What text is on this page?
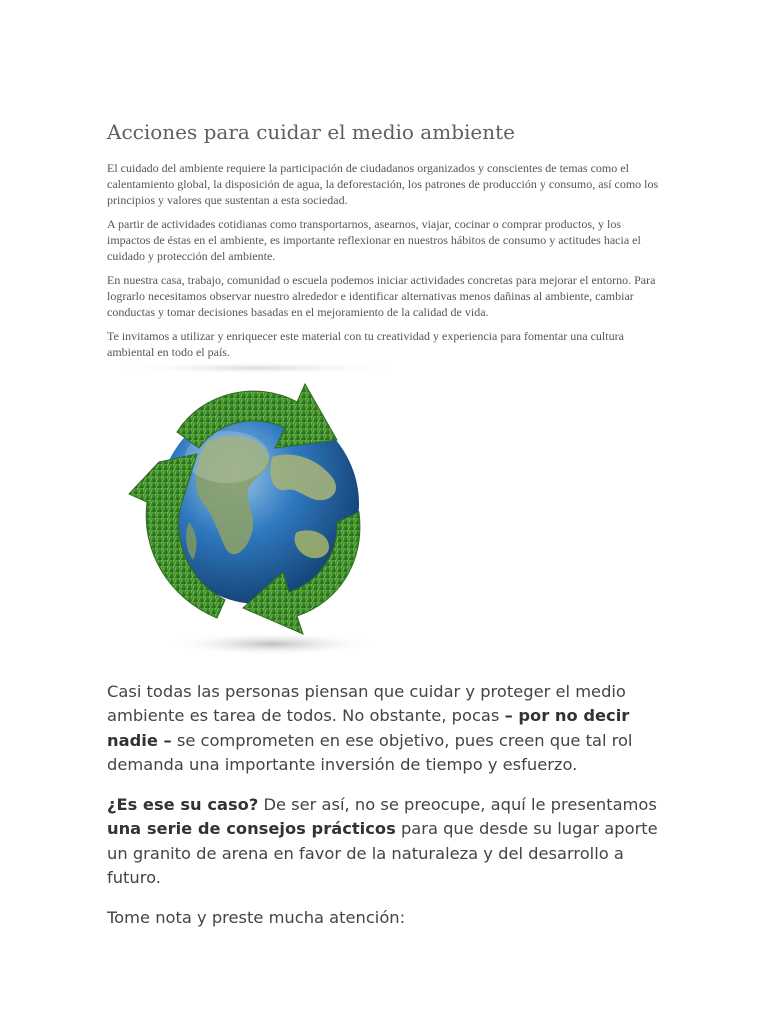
Acciones para cuidar el medio ambiente

El cuidado del ambiente requiere la participación de ciudadanos organizados y conscientes de temas como el calentamiento global, la disposición de agua, la deforestación, los patrones de producción y consumo, así como los principios y valores que sustentan a esta sociedad.

A partir de actividades cotidianas como transportarnos, asearnos, viajar, cocinar o comprar productos, y los impactos de éstas en el ambiente, es importante reflexionar en nuestros hábitos de consumo y actitudes hacia el cuidado y protección del ambiente.

En nuestra casa, trabajo, comunidad o escuela podemos iniciar actividades concretas para mejorar el entorno. Para lograrlo necesitamos observar nuestro alrededor e identificar alternativas menos dañinas al ambiente, cambiar conductas y tomar decisiones basadas en el mejoramiento de la calidad de vida.

Te invitamos a utilizar y enriquecer este material con tu creatividad y experiencia para fomentar una cultura ambiental en todo el país.

Casi todas las personas piensan que cuidar y proteger el medio ambiente es tarea de todos. No obstante, pocas – por no decir nadie – se comprometen en ese objetivo, pues creen que tal rol demanda una importante inversión de tiempo y esfuerzo.

¿Es ese su caso? De ser así, no se preocupe, aquí le presentamos una serie de consejos prácticos para que desde su lugar aporte un granito de arena en favor de la naturaleza y del desarrollo a futuro.

Tome nota y preste mucha atención:
